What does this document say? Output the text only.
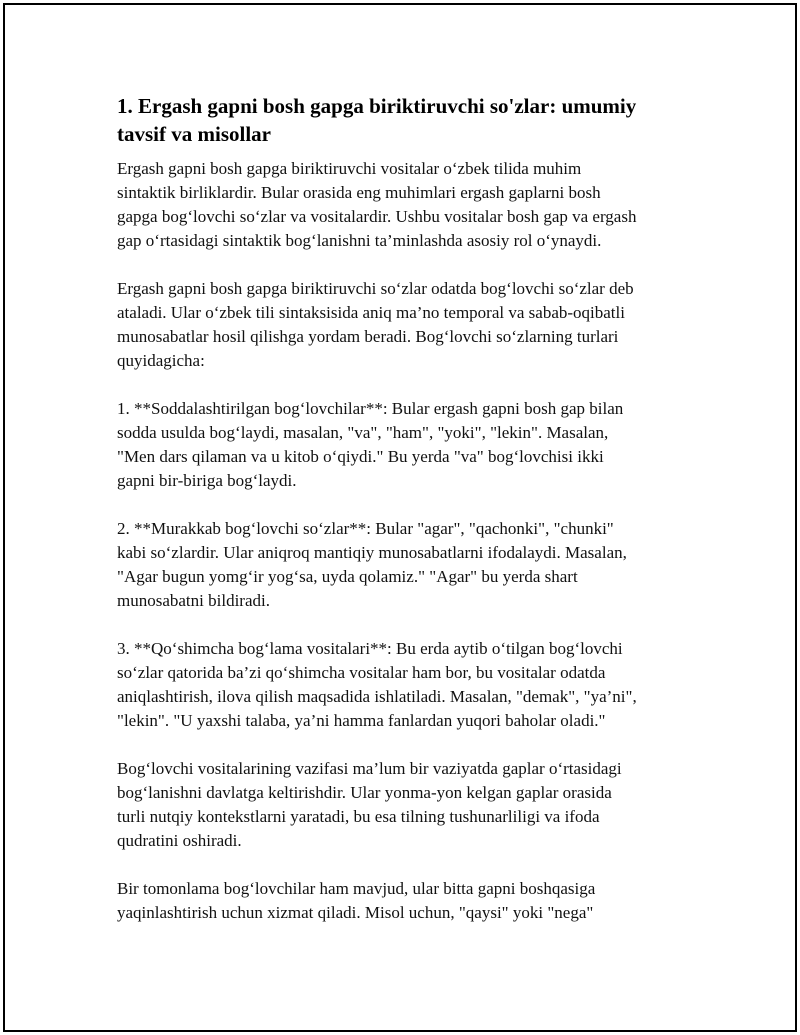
1. Ergash gapni bosh gapga biriktiruvchi so'zlar: umumiy
tavsif va misollar

Ergash gapni bosh gapga biriktiruvchi vositalar o‘zbek tilida muhim
sintaktik birliklardir. Bular orasida eng muhimlari ergash gaplarni bosh
gapga bog‘lovchi so‘zlar va vositalardir. Ushbu vositalar bosh gap va ergash
gap o‘rtasidagi sintaktik bog‘lanishni ta’minlashda asosiy rol o‘ynaydi.

Ergash gapni bosh gapga biriktiruvchi so‘zlar odatda bog‘lovchi so‘zlar deb
ataladi. Ular o‘zbek tili sintaksisida aniq ma’no temporal va sabab-oqibatli
munosabatlar hosil qilishga yordam beradi. Bog‘lovchi so‘zlarning turlari
quyidagicha:

1. **Soddalashtirilgan bog‘lovchilar**: Bular ergash gapni bosh gap bilan
sodda usulda bog‘laydi, masalan, "va", "ham", "yoki", "lekin". Masalan,
"Men dars qilaman va u kitob o‘qiydi." Bu yerda "va" bog‘lovchisi ikki
gapni bir-biriga bog‘laydi.

2. **Murakkab bog‘lovchi so‘zlar**: Bular "agar", "qachonki", "chunki"
kabi so‘zlardir. Ular aniqroq mantiqiy munosabatlarni ifodalaydi. Masalan,
"Agar bugun yomg‘ir yog‘sa, uyda qolamiz." "Agar" bu yerda shart
munosabatni bildiradi.

3. **Qo‘shimcha bog‘lama vositalari**: Bu erda aytib o‘tilgan bog‘lovchi
so‘zlar qatorida ba’zi qo‘shimcha vositalar ham bor, bu vositalar odatda
aniqlashtirish, ilova qilish maqsadida ishlatiladi. Masalan, "demak", "ya’ni",
"lekin". "U yaxshi talaba, ya’ni hamma fanlardan yuqori baholar oladi."

Bog‘lovchi vositalarining vazifasi ma’lum bir vaziyatda gaplar o‘rtasidagi
bog‘lanishni davlatga keltirishdir. Ular yonma-yon kelgan gaplar orasida
turli nutqiy kontekstlarni yaratadi, bu esa tilning tushunarliligi va ifoda
qudratini oshiradi.

Bir tomonlama bog‘lovchilar ham mavjud, ular bitta gapni boshqasiga
yaqinlashtirish uchun xizmat qiladi. Misol uchun, "qaysi" yoki "nega"
